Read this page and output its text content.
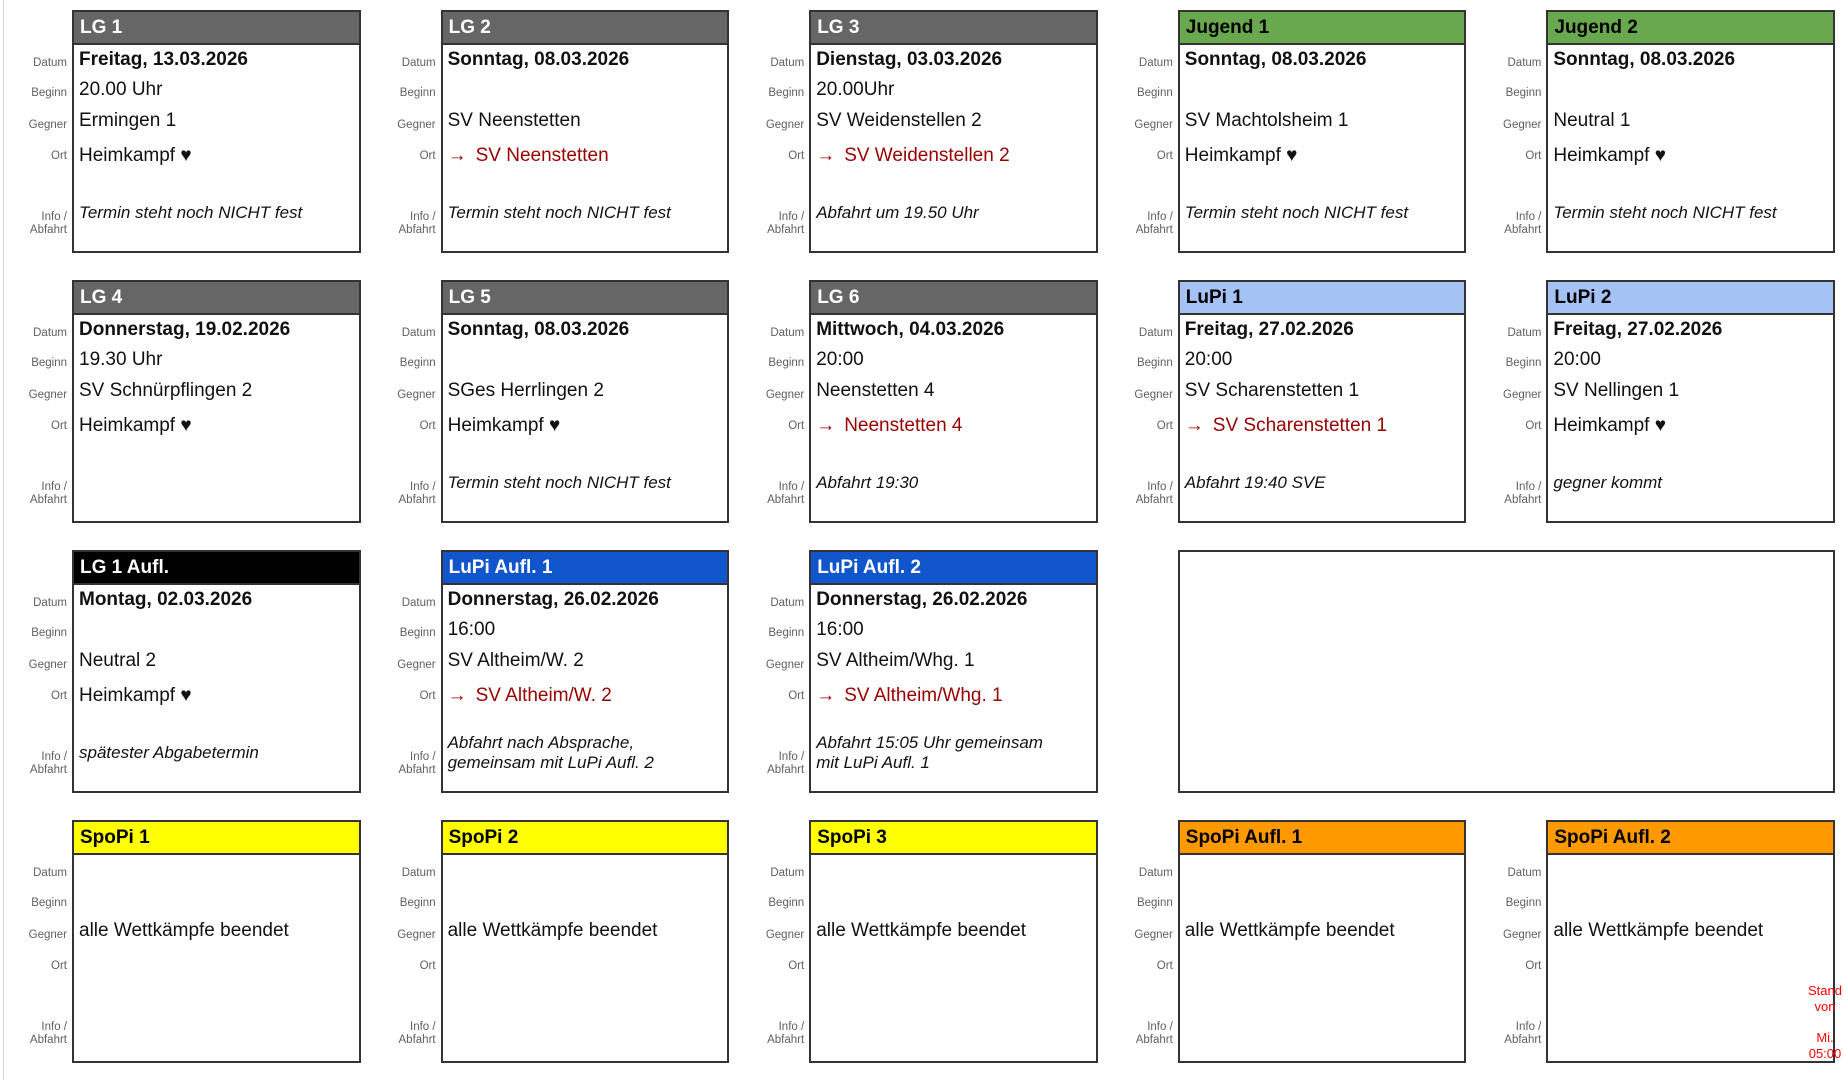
Datum
Beginn
Gegner
Ort
Info /
Abfahrt
LG 1
Freitag, 13.03.2026
20.00 Uhr
Ermingen 1
Heimkampf ♥
Termin steht noch NICHT fest
Datum
Beginn
Gegner
Ort
Info /
Abfahrt
LG 2
Sonntag, 08.03.2026
SV Neenstetten
→ SV Neenstetten
Termin steht noch NICHT fest
Datum
Beginn
Gegner
Ort
Info /
Abfahrt
LG 3
Dienstag, 03.03.2026
20.00Uhr
SV Weidenstellen 2
→ SV Weidenstellen 2
Abfahrt um 19.50 Uhr
Datum
Beginn
Gegner
Ort
Info /
Abfahrt
Jugend 1
Sonntag, 08.03.2026
SV Machtolsheim 1
Heimkampf ♥
Termin steht noch NICHT fest
Datum
Beginn
Gegner
Ort
Info /
Abfahrt
Jugend 2
Sonntag, 08.03.2026
Neutral 1
Heimkampf ♥
Termin steht noch NICHT fest
Datum
Beginn
Gegner
Ort
Info /
Abfahrt
LG 4
Donnerstag, 19.02.2026
19.30 Uhr
SV Schnürpflingen 2
Heimkampf ♥
Datum
Beginn
Gegner
Ort
Info /
Abfahrt
LG 5
Sonntag, 08.03.2026
SGes Herrlingen 2
Heimkampf ♥
Termin steht noch NICHT fest
Datum
Beginn
Gegner
Ort
Info /
Abfahrt
LG 6
Mittwoch, 04.03.2026
20:00
Neenstetten 4
→ Neenstetten 4
Abfahrt 19:30
Datum
Beginn
Gegner
Ort
Info /
Abfahrt
LuPi 1
Freitag, 27.02.2026
20:00
SV Scharenstetten 1
→ SV Scharenstetten 1
Abfahrt 19:40 SVE
Datum
Beginn
Gegner
Ort
Info /
Abfahrt
LuPi 2
Freitag, 27.02.2026
20:00
SV Nellingen 1
Heimkampf ♥
gegner kommt
Datum
Beginn
Gegner
Ort
Info /
Abfahrt
LG 1 Aufl.
Montag, 02.03.2026
Neutral 2
Heimkampf ♥
spätester Abgabetermin
Datum
Beginn
Gegner
Ort
Info /
Abfahrt
LuPi Aufl. 1
Donnerstag, 26.02.2026
16:00
SV Altheim/W. 2
→ SV Altheim/W. 2
Abfahrt nach Absprache, gemeinsam mit LuPi Aufl. 2
Datum
Beginn
Gegner
Ort
Info /
Abfahrt
LuPi Aufl. 2
Donnerstag, 26.02.2026
16:00
SV Altheim/Whg. 1
→ SV Altheim/Whg. 1
Abfahrt 15:05 Uhr gemeinsam mit LuPi Aufl. 1
Datum
Beginn
Gegner
Ort
Info /
Abfahrt
SpoPi 1
alle Wettkämpfe beendet
Datum
Beginn
Gegner
Ort
Info /
Abfahrt
SpoPi 2
alle Wettkämpfe beendet
Datum
Beginn
Gegner
Ort
Info /
Abfahrt
SpoPi 3
alle Wettkämpfe beendet
Datum
Beginn
Gegner
Ort
Info /
Abfahrt
SpoPi Aufl. 1
alle Wettkämpfe beendet
Datum
Beginn
Gegner
Ort
Info /
Abfahrt
SpoPi Aufl. 2
alle Wettkämpfe beendet
Stand von
Mi.
05:00
